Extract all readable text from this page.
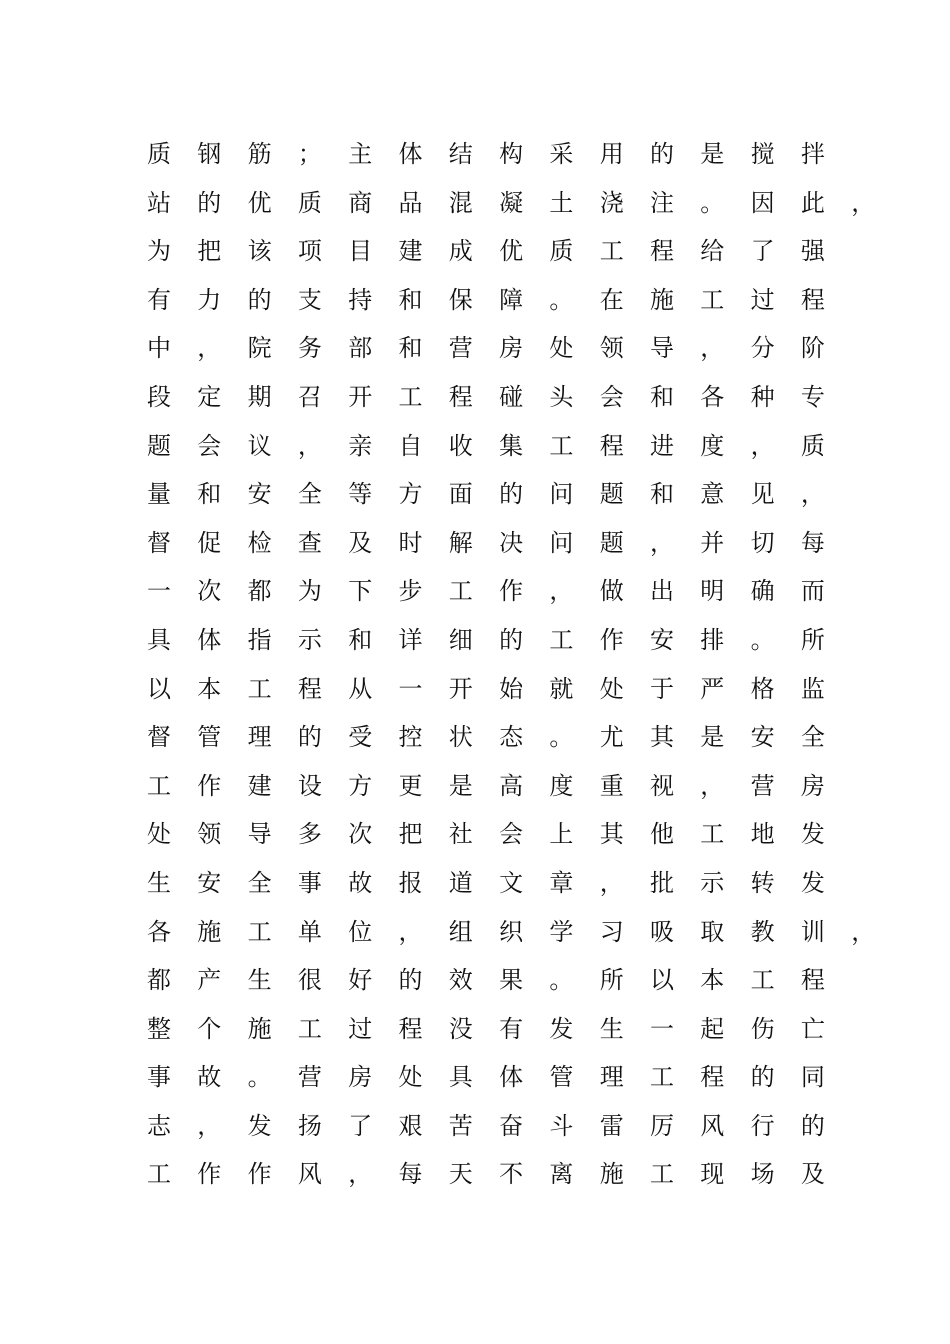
质	钢	筋	；	主	体	结	构	采	用	的	是	搅	拌
站	的	优	质	商	品	混	凝	土	浇	注	。	因	此	，
为	把	该	项	目	建	成	优	质	工	程	给	了	强
有	力	的	支	持	和	保	障	。	在	施	工	过	程
中	，	院	务	部	和	营	房	处	领	导	，	分	阶
段	定	期	召	开	工	程	碰	头	会	和	各	种	专
题	会	议	，	亲	自	收	集	工	程	进	度	，	质
量	和	安	全	等	方	面	的	问	题	和	意	见	，
督	促	检	查	及	时	解	决	问	题	，	并	切	每
一	次	都	为	下	步	工	作	，	做	出	明	确	而
具	体	指	示	和	详	细	的	工	作	安	排	。	所
以	本	工	程	从	一	开	始	就	处	于	严	格	监
督	管	理	的	受	控	状	态	。	尤	其	是	安	全
工	作	建	设	方	更	是	高	度	重	视	，	营	房
处	领	导	多	次	把	社	会	上	其	他	工	地	发
生	安	全	事	故	报	道	文	章	，	批	示	转	发
各	施	工	单	位	，	组	织	学	习	吸	取	教	训	，
都	产	生	很	好	的	效	果	。	所	以	本	工	程
整	个	施	工	过	程	没	有	发	生	一	起	伤	亡
事	故	。	营	房	处	具	体	管	理	工	程	的	同
志	，	发	扬	了	艰	苦	奋	斗	雷	厉	风	行	的
工	作	作	风	，	每	天	不	离	施	工	现	场	及
